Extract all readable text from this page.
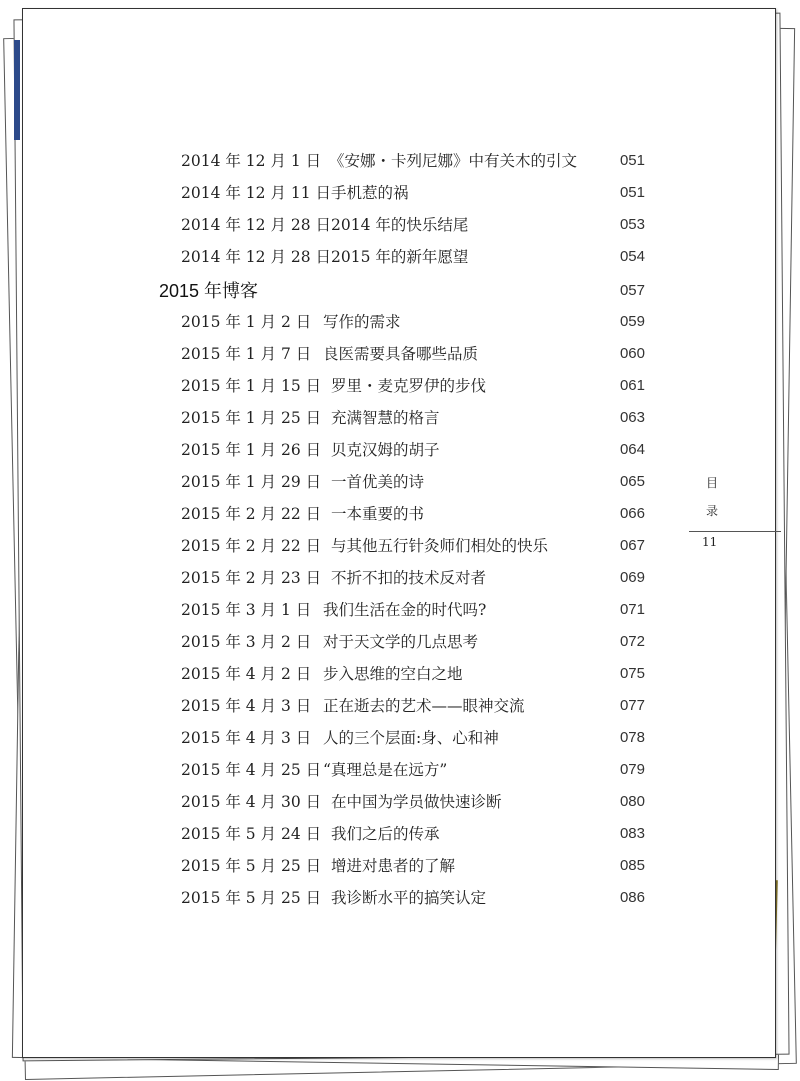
2014 年 12 月 1 日 《安娜・卡列尼娜》中有关木的引文	051
2014 年 12 月 11 日 手机惹的祸	051
2014 年 12 月 28 日 2014 年的快乐结尾	053
2014 年 12 月 28 日 2015 年的新年愿望	054
2015 年博客	057
2015 年 1 月 2 日 写作的需求	059
2015 年 1 月 7 日 良医需要具备哪些品质	060
2015 年 1 月 15 日 罗里・麦克罗伊的步伐	061
2015 年 1 月 25 日 充满智慧的格言	063
2015 年 1 月 26 日 贝克汉姆的胡子	064
2015 年 1 月 29 日 一首优美的诗	065
2015 年 2 月 22 日 一本重要的书	066
2015 年 2 月 22 日 与其他五行针灸师们相处的快乐	067
2015 年 2 月 23 日 不折不扣的技术反对者	069
2015 年 3 月 1 日 我们生活在金的时代吗?	071
2015 年 3 月 2 日 对于天文学的几点思考	072
2015 年 4 月 2 日 步入思维的空白之地	075
2015 年 4 月 3 日 正在逝去的艺术——眼神交流	077
2015 年 4 月 3 日 人的三个层面:身、心和神	078
2015 年 4 月 25 日 “真理总是在远方”	079
2015 年 4 月 30 日 在中国为学员做快速诊断	080
2015 年 5 月 24 日 我们之后的传承	083
2015 年 5 月 25 日 增进对患者的了解	085
2015 年 5 月 25 日 我诊断水平的搞笑认定	086
目
录
11
